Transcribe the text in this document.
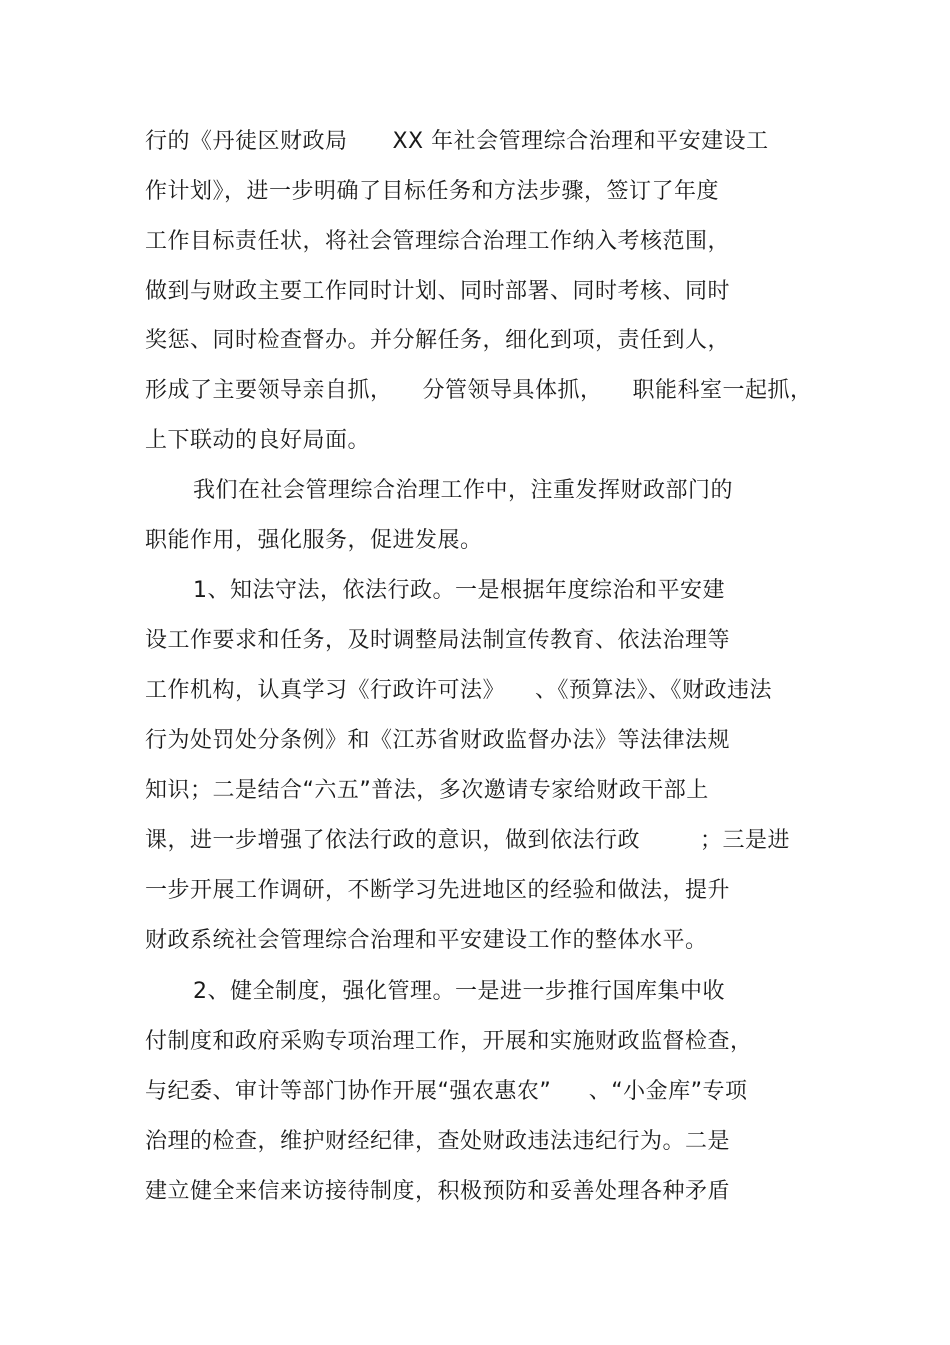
行的《丹徒区财政局      XX 年社会管理综合治理和平安建设工
作计划》，进一步明确了目标任务和方法步骤，签订了年度
工作目标责任状，将社会管理综合治理工作纳入考核范围，
做到与财政主要工作同时计划、同时部署、同时考核、同时
奖惩、同时检查督办。并分解任务，细化到项，责任到人，
形成了主要领导亲自抓，    分管领导具体抓，    职能科室一起抓，
上下联动的良好局面。
我们在社会管理综合治理工作中，注重发挥财政部门的
职能作用，强化服务，促进发展。
1、知法守法，依法行政。一是根据年度综治和平安建
设工作要求和任务，及时调整局法制宣传教育、依法治理等
工作机构，认真学习《行政许可法》    、《预算法》、《财政违法
行为处罚处分条例》和《江苏省财政监督办法》等法律法规
知识；二是结合“六五”普法，多次邀请专家给财政干部上
课，进一步增强了依法行政的意识，做到依法行政        ；三是进
一步开展工作调研，不断学习先进地区的经验和做法，提升
财政系统社会管理综合治理和平安建设工作的整体水平。
2、健全制度，强化管理。一是进一步推行国库集中收
付制度和政府采购专项治理工作，开展和实施财政监督检查，
与纪委、审计等部门协作开展“强农惠农”     、“小金库”专项
治理的检查，维护财经纪律，查处财政违法违纪行为。二是
建立健全来信来访接待制度，积极预防和妥善处理各种矛盾
